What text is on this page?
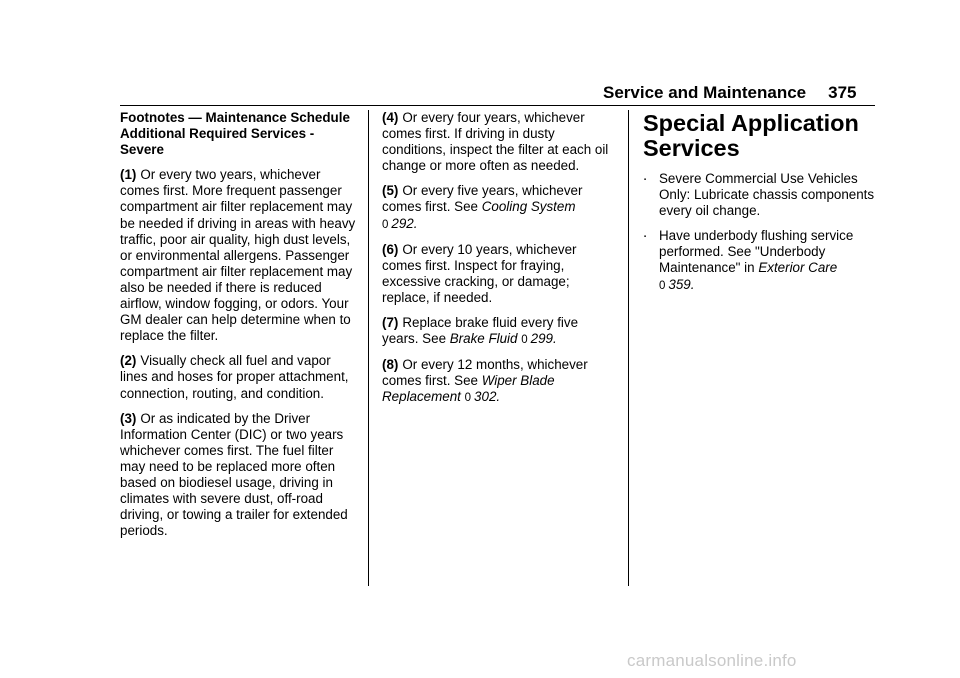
Service and Maintenance 375

Footnotes — Maintenance Schedule Additional Required Services - Severe

(1) Or every two years, whichever comes first. More frequent passenger compartment air filter replacement may be needed if driving in areas with heavy traffic, poor air quality, high dust levels, or environmental allergens. Passenger compartment air filter replacement may also be needed if there is reduced airflow, window fogging, or odors. Your GM dealer can help determine when to replace the filter.

(2) Visually check all fuel and vapor lines and hoses for proper attachment, connection, routing, and condition.

(3) Or as indicated by the Driver Information Center (DIC) or two years whichever comes first. The fuel filter may need to be replaced more often based on biodiesel usage, driving in climates with severe dust, off-road driving, or towing a trailer for extended periods.

(4) Or every four years, whichever comes first. If driving in dusty conditions, inspect the filter at each oil change or more often as needed.

(5) Or every five years, whichever comes first. See Cooling System
0 292.

(6) Or every 10 years, whichever comes first. Inspect for fraying, excessive cracking, or damage; replace, if needed.

(7) Replace brake fluid every five years. See Brake Fluid 0 299.

(8) Or every 12 months, whichever comes first. See Wiper Blade Replacement 0 302.

Special Application Services
. Severe Commercial Use Vehicles Only: Lubricate chassis components every oil change.
. Have underbody flushing service performed. See "Underbody Maintenance" in Exterior Care
0 359.
carmanualsonline.info
